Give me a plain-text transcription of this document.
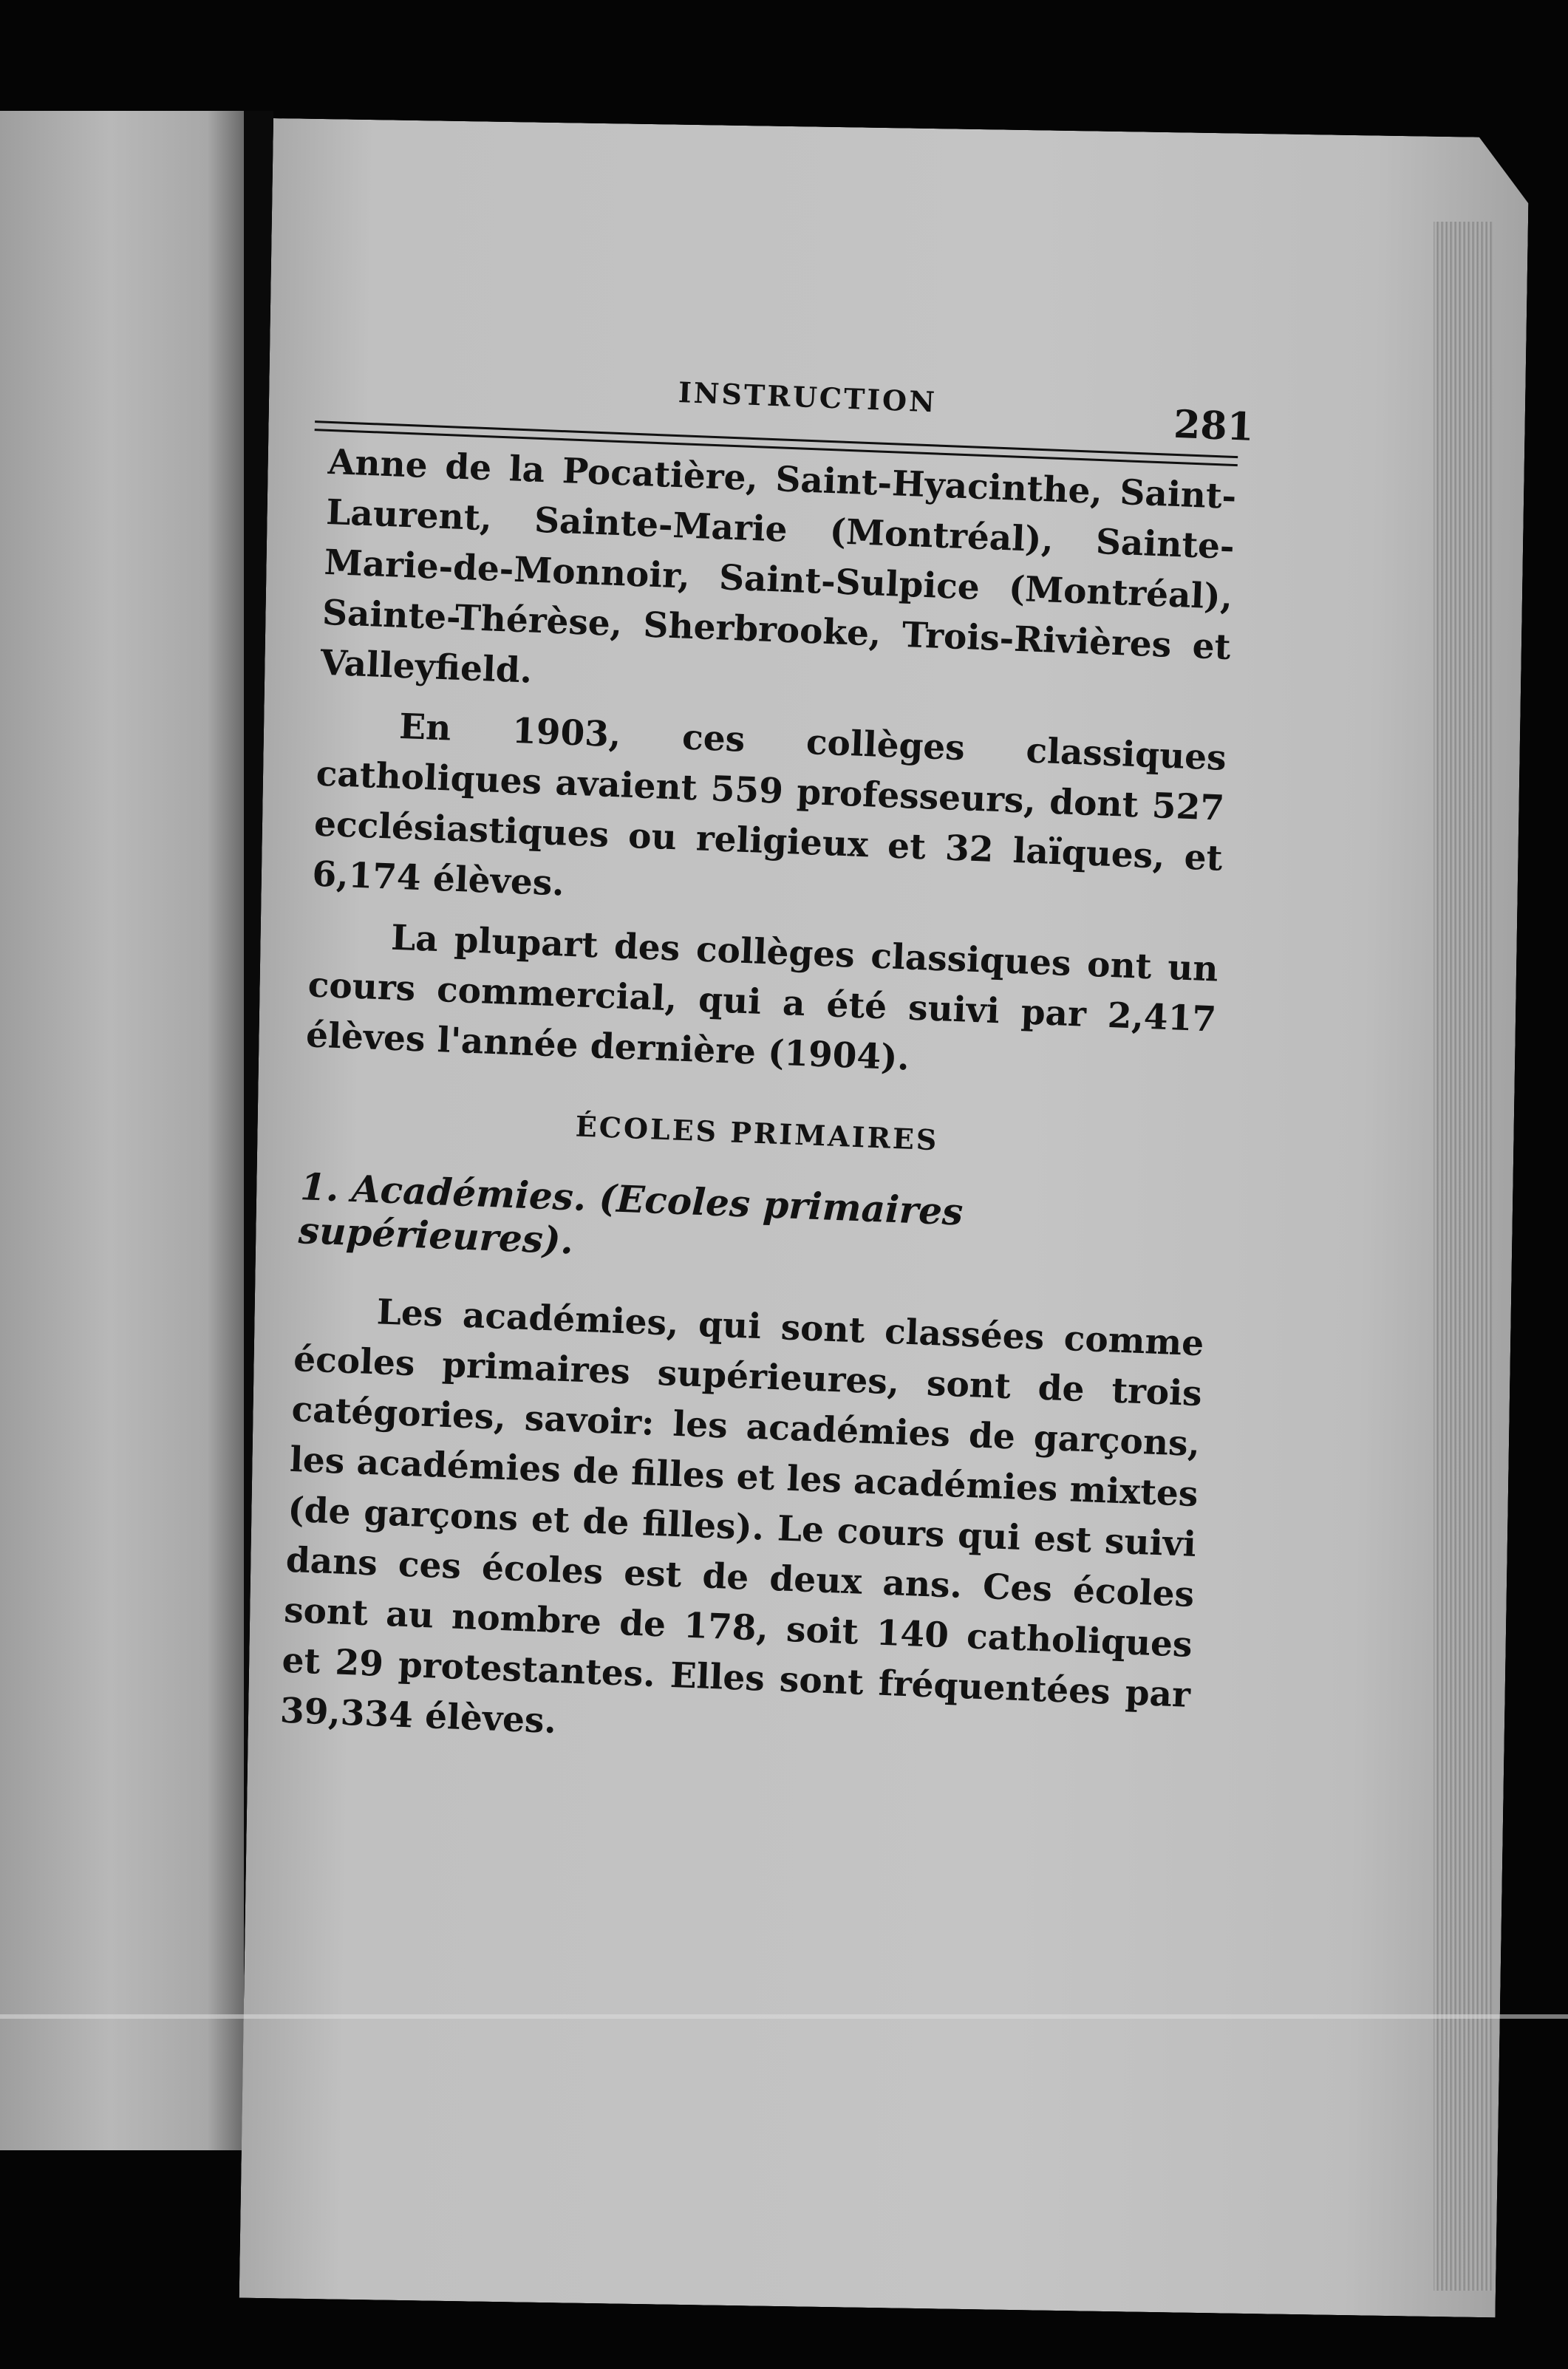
INSTRUCTION
281

Anne de la Pocatière, Saint-Hyacinthe, Saint-Laurent, Sainte-Marie (Montréal), Sainte-Marie-de-Monnoir, Saint-Sulpice (Montréal), Sainte-Thérèse, Sherbrooke, Trois-Rivières et Valleyfield.

En 1903, ces collèges classiques catholiques avaient 559 professeurs, dont 527 ecclésiastiques ou religieux et 32 laïques, et 6,174 élèves.

La plupart des collèges classiques ont un cours commercial, qui a été suivi par 2,417 élèves l'année dernière (1904).

ÉCOLES PRIMAIRES
1. Académies. (Ecoles primaires supérieures).

Les académies, qui sont classées comme écoles primaires supérieures, sont de trois catégories, savoir: les académies de garçons, les académies de filles et les académies mixtes (de garçons et de filles). Le cours qui est suivi dans ces écoles est de deux ans. Ces écoles sont au nombre de 178, soit 140 catholiques et 29 protestantes. Elles sont fréquentées par 39,334 élèves.
